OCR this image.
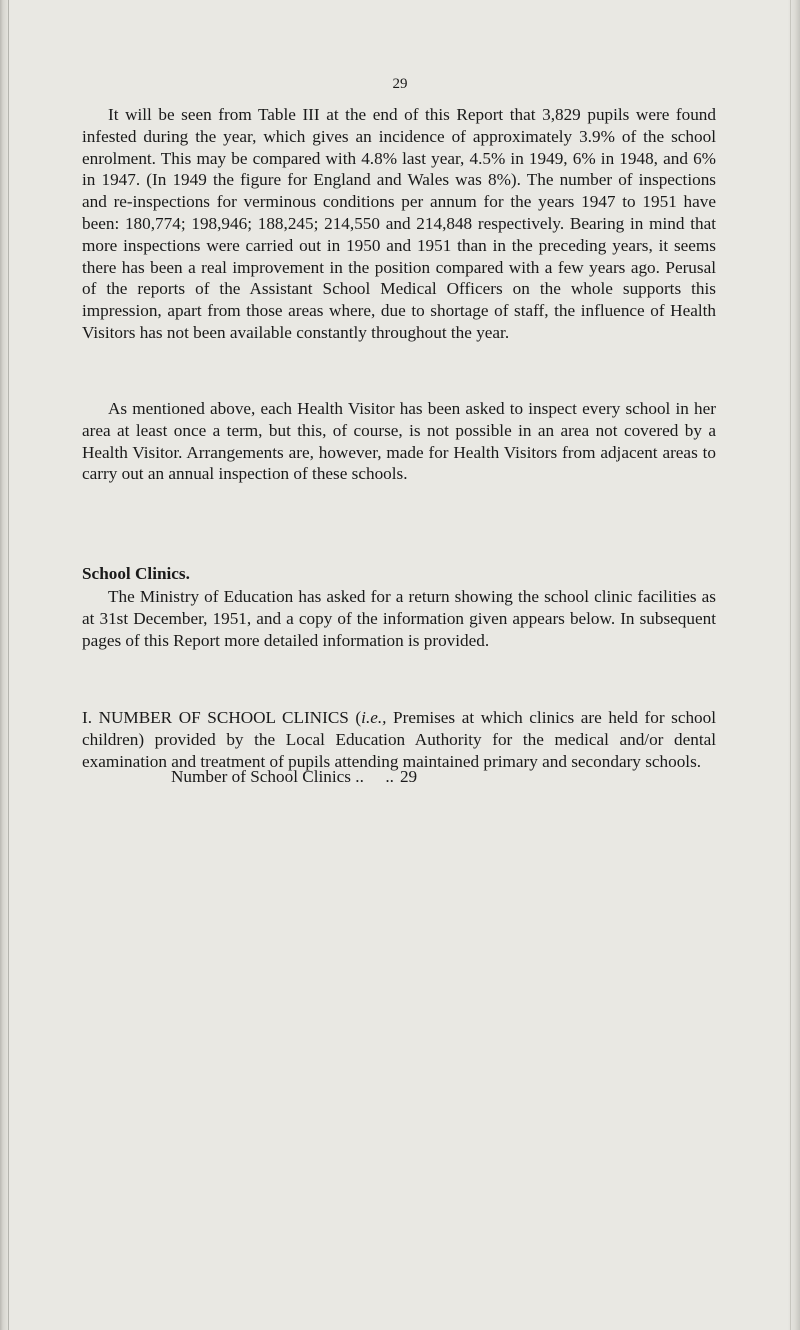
29

It will be seen from Table III at the end of this Report that 3,829 pupils were found infested during the year, which gives an incidence of approximately 3.9% of the school enrolment. This may be compared with 4.8% last year, 4.5% in 1949, 6% in 1948, and 6% in 1947. (In 1949 the figure for England and Wales was 8%). The number of inspections and re-inspections for verminous conditions per annum for the years 1947 to 1951 have been: 180,774; 198,946; 188,245; 214,550 and 214,848 respectively. Bearing in mind that more inspections were carried out in 1950 and 1951 than in the preceding years, it seems there has been a real improvement in the position compared with a few years ago. Perusal of the reports of the Assistant School Medical Officers on the whole supports this impression, apart from those areas where, due to shortage of staff, the influence of Health Visitors has not been available constantly throughout the year.

As mentioned above, each Health Visitor has been asked to inspect every school in her area at least once a term, but this, of course, is not possible in an area not covered by a Health Visitor. Arrangements are, however, made for Health Visitors from adjacent areas to carry out an annual inspection of these schools.

School Clinics.

The Ministry of Education has asked for a return showing the school clinic facilities as at 31st December, 1951, and a copy of the information given appears below. In subsequent pages of this Report more detailed information is provided.

I. NUMBER OF SCHOOL CLINICS (i.e., Premises at which clinics are held for school children) provided by the Local Education Authority for the medical and/or dental examination and treatment of pupils attending maintained primary and secondary schools.

Number of School Clinics .. .. 29
